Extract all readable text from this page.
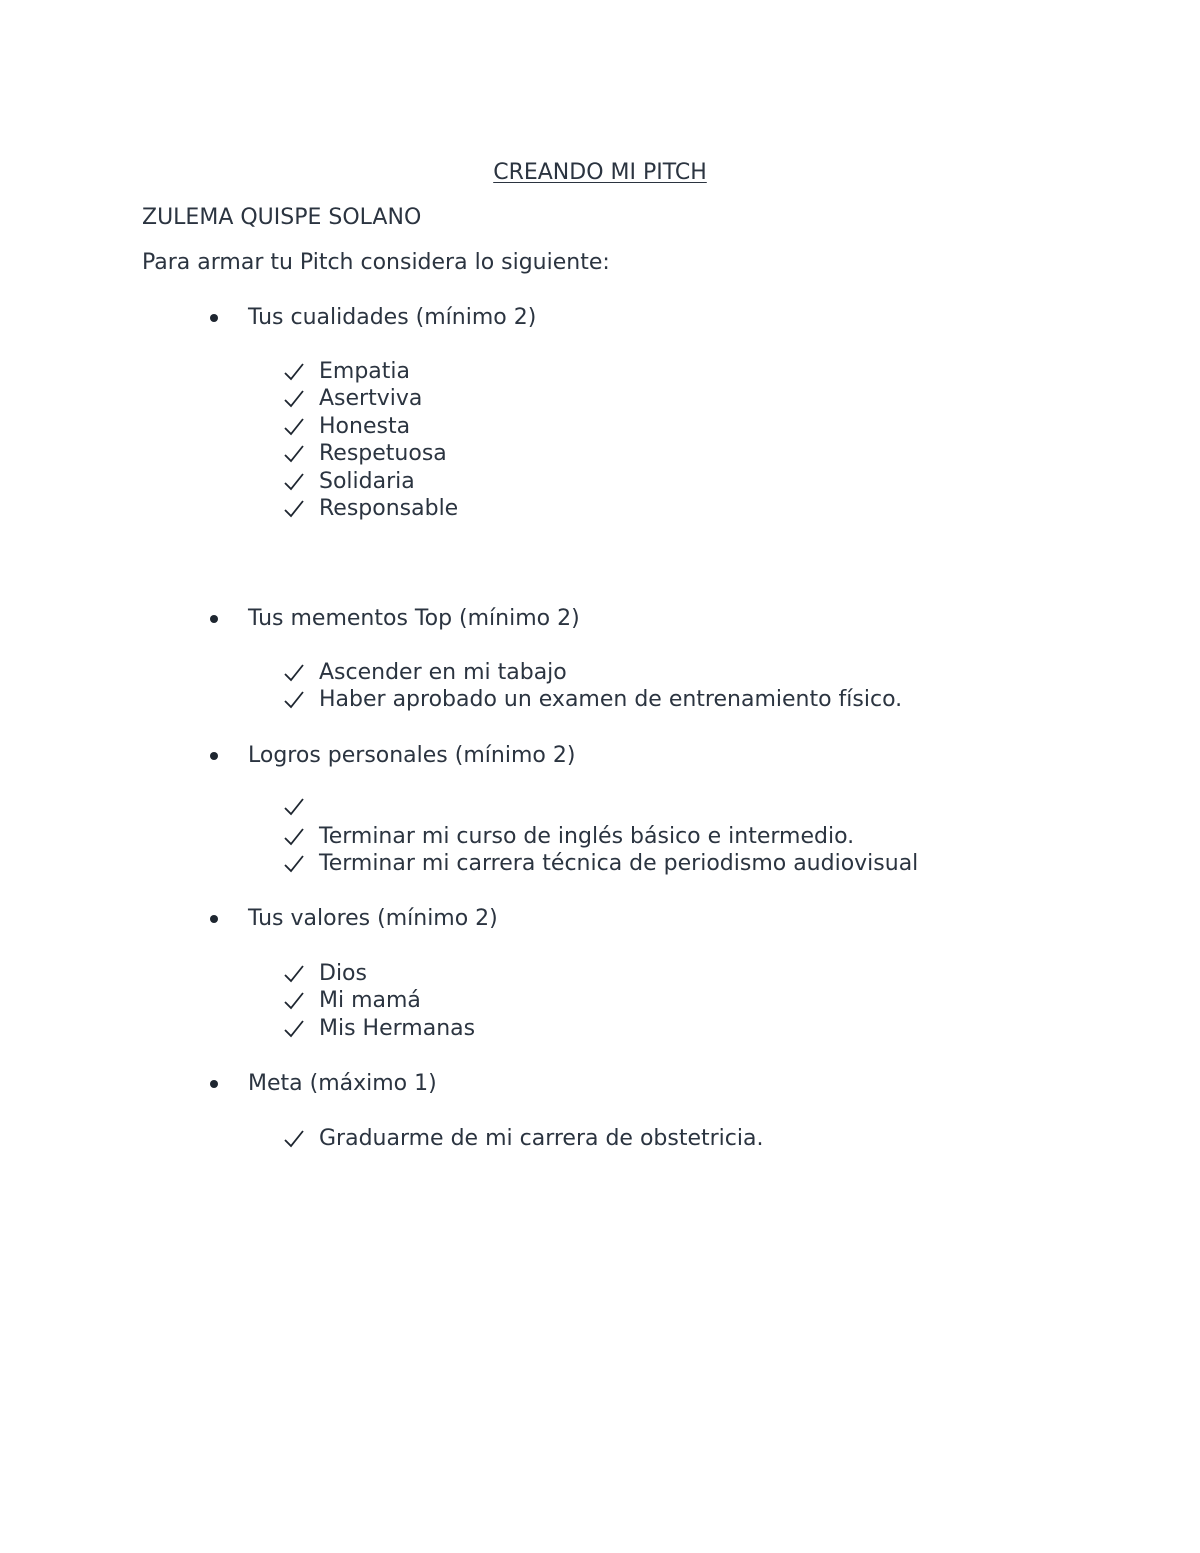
CREANDO MI PITCH
ZULEMA QUISPE SOLANO
Para armar tu Pitch considera lo siguiente:
Tus cualidades (mínimo 2)
Empatia
Asertviva
Honesta
Respetuosa
Solidaria
Responsable
Tus mementos Top (mínimo 2)
Ascender en mi tabajo
Haber aprobado un examen de entrenamiento físico.
Logros personales (mínimo 2)
Terminar mi curso de inglés básico e intermedio.
Terminar mi carrera técnica de periodismo audiovisual
Tus valores (mínimo 2)
Dios
Mi mamá
Mis Hermanas
Meta (máximo 1)
Graduarme de mi carrera de obstetricia.
